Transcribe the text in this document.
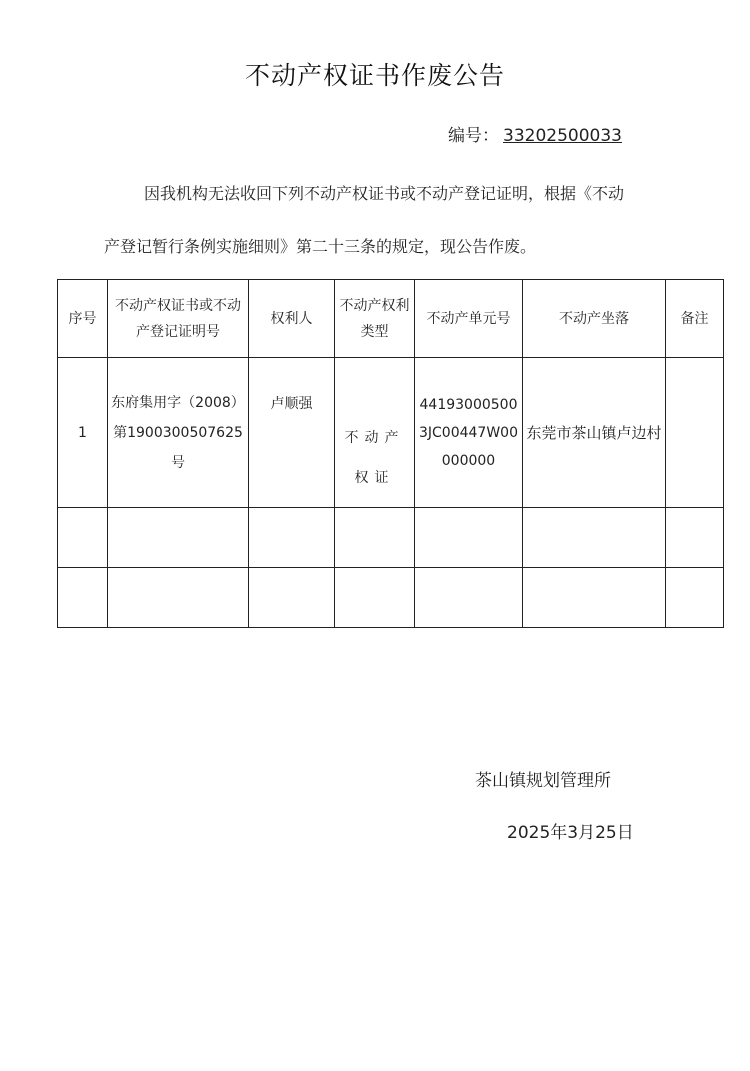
不动产权证书作废公告
编号： 33202500033
因我机构无法收回下列不动产权证书或不动产登记证明，根据《不动
产登记暂行条例实施细则》第二十三条的规定，现公告作废。
序号	不动产权证书或不动产登记证明号	权利人	不动产权利类型	不动产单元号	不动产坐落	备注
1	东府集用字（2008）第1900300507625号	卢顺强	不动产权证	441930005003JC00447W00000000	东莞市茶山镇卢边村	

茶山镇规划管理所
2025年3月25日
